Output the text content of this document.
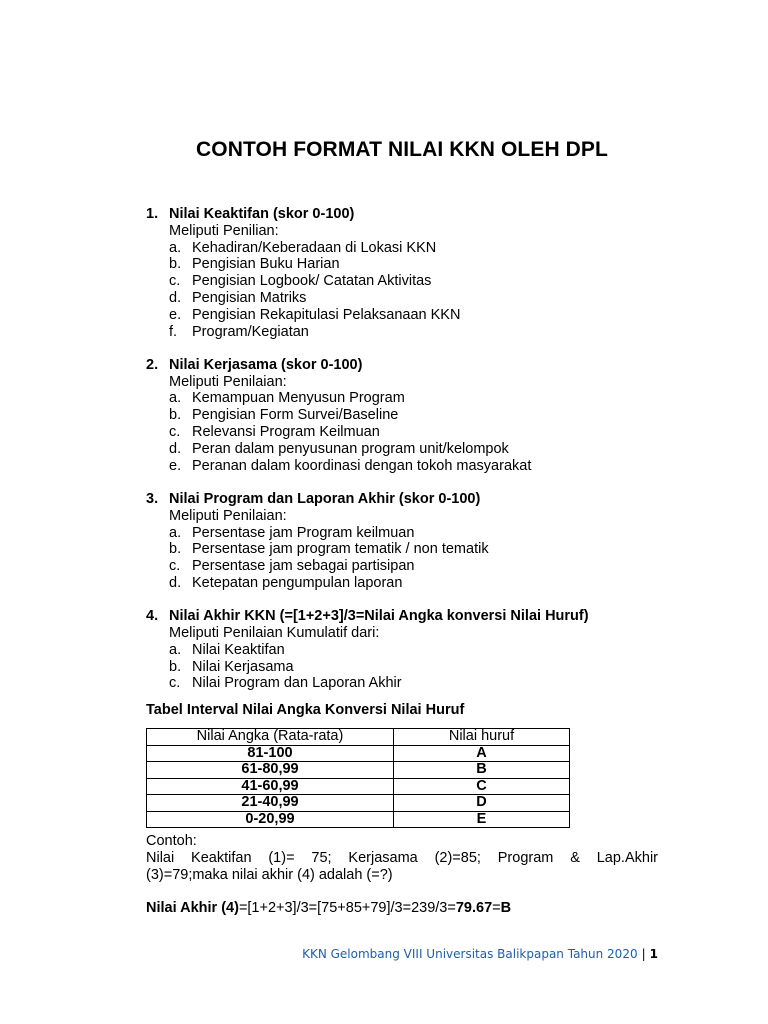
CONTOH FORMAT NILAI KKN OLEH DPL
1. Nilai Keaktifan (skor 0-100)
Meliputi Penilian:
a. Kehadiran/Keberadaan di Lokasi KKN
b. Pengisian Buku Harian
c. Pengisian Logbook/ Catatan Aktivitas
d. Pengisian Matriks
e. Pengisian Rekapitulasi Pelaksanaan KKN
f.	Program/Kegiatan
2. Nilai Kerjasama (skor 0-100)
Meliputi Penilaian:
a. Kemampuan Menyusun Program
b. Pengisian Form Survei/Baseline
c. Relevansi Program Keilmuan
d. Peran dalam penyusunan program unit/kelompok
e. Peranan dalam koordinasi dengan tokoh masyarakat
3. Nilai Program dan Laporan Akhir (skor 0-100)
Meliputi Penilaian:
a. Persentase jam Program keilmuan
b. Persentase jam program tematik / non tematik
c. Persentase jam sebagai partisipan
d. Ketepatan pengumpulan laporan
4. Nilai Akhir KKN (=[1+2+3]/3=Nilai Angka konversi Nilai Huruf)
Meliputi Penilaian Kumulatif dari:
a. Nilai Keaktifan
b. Nilai Kerjasama
c. Nilai Program dan Laporan Akhir
Tabel Interval Nilai Angka Konversi Nilai Huruf
Nilai Angka (Rata-rata)	Nilai huruf
81-100	A
61-80,99	B
41-60,99	C
21-40,99	D
0-20,99	E
Contoh:
Nilai Keaktifan (1)= 75; Kerjasama (2)=85; Program & Lap.Akhir
(3)=79;maka nilai akhir (4) adalah (=?)
Nilai Akhir (4)=[1+2+3]/3=[75+85+79]/3=239/3=79.67=B
KKN Gelombang VIII Universitas Balikpapan Tahun 2020 | 1
